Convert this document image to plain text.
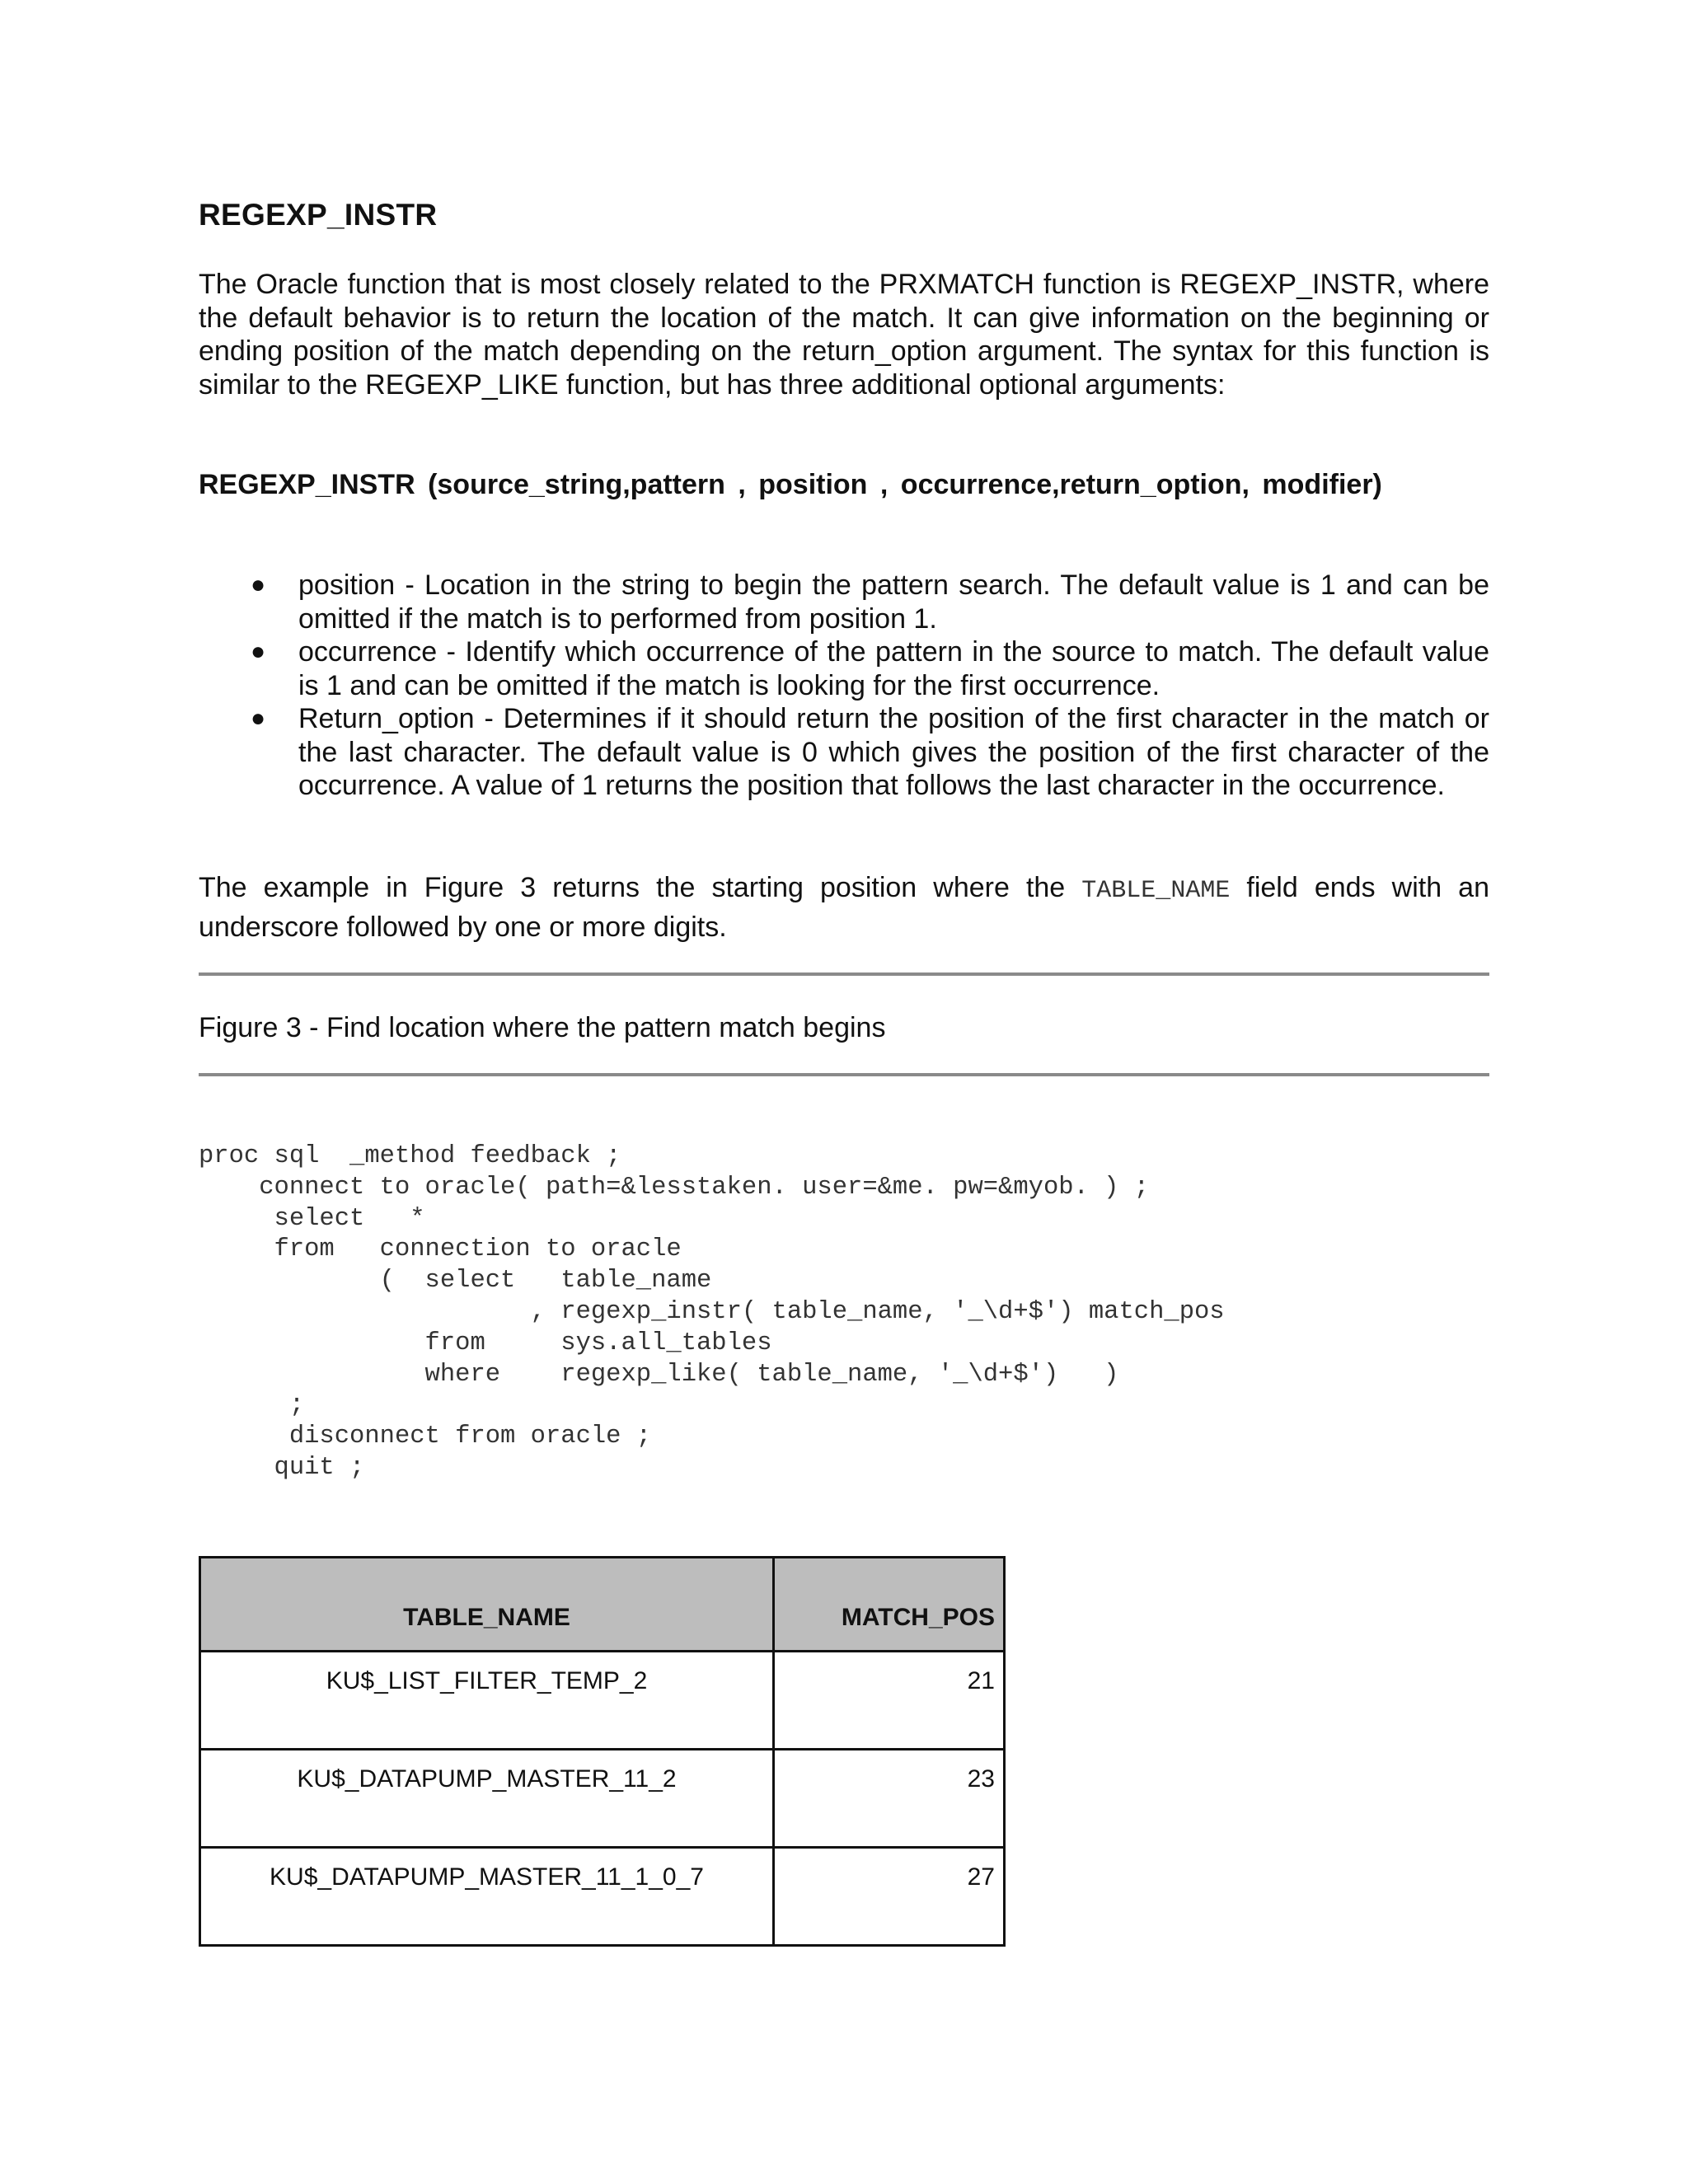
REGEXP_INSTR

The Oracle function that is most closely related to the PRXMATCH function is REGEXP_INSTR, where the default behavior is to return the location of the match. It can give information on the beginning or ending position of the match depending on the return_option argument. The syntax for this function is similar to the REGEXP_LIKE function, but has three additional optional arguments:

REGEXP_INSTR (source_string,pattern , position , occurrence,return_option, modifier)

● position - Location in the string to begin the pattern search. The default value is 1 and can be omitted if the match is to performed from position 1.
● occurrence - Identify which occurrence of the pattern in the source to match. The default value is 1 and can be omitted if the match is looking for the first occurrence.
● Return_option - Determines if it should return the position of the first character in the match or the last character. The default value is 0 which gives the position of the first character of the occurrence. A value of 1 returns the position that follows the last character in the occurrence.

The example in Figure 3 returns the starting position where the TABLE_NAME field ends with an underscore followed by one or more digits.

Figure 3 - Find location where the pattern match begins

proc sql  _method feedback ;
connect to oracle( path=&lesstaken. user=&me. pw=&myob. ) ;
select   *
from   connection to oracle
(  select   table_name
, regexp_instr( table_name, '_\d+$') match_pos
from     sys.all_tables
where    regexp_like( table_name, '_\d+$')   )
;
disconnect from oracle ;
quit ;
TABLE_NAME	MATCH_POS
KU$_LIST_FILTER_TEMP_2	21
KU$_DATAPUMP_MASTER_11_2	23
KU$_DATAPUMP_MASTER_11_1_0_7	27
